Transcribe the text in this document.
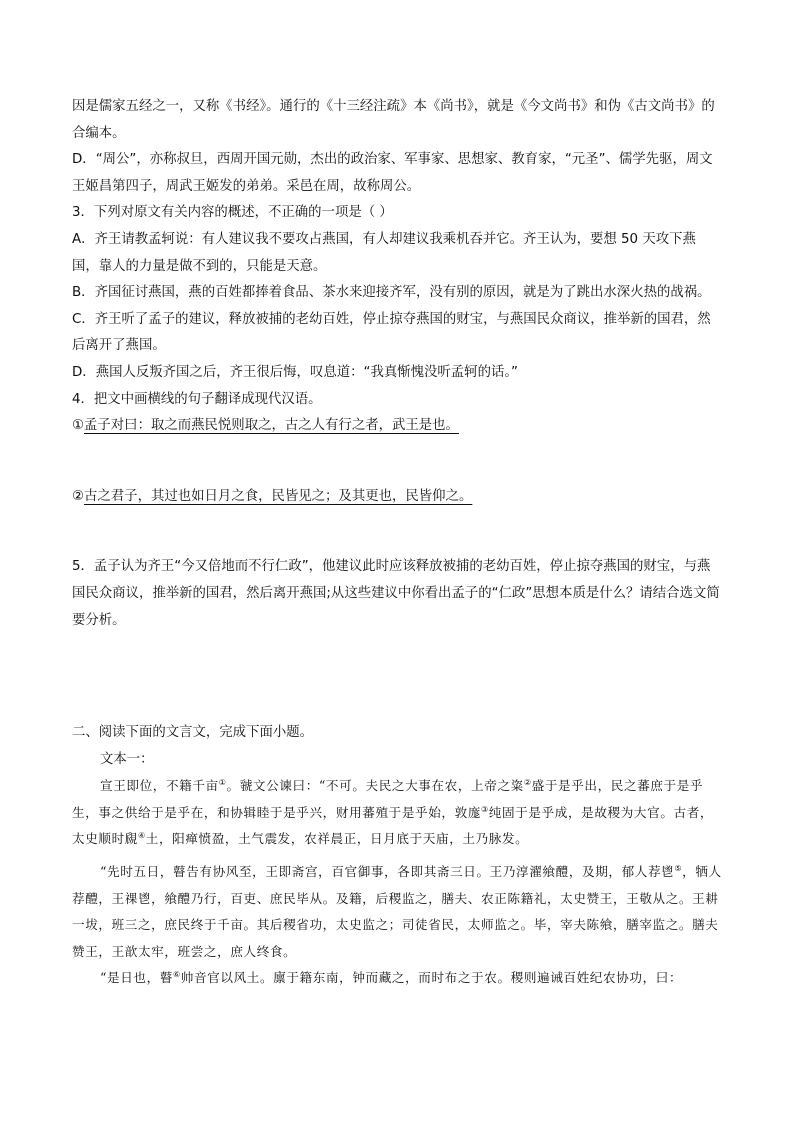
因是儒家五经之一，又称《书经》。通行的《十三经注疏》本《尚书》，就是《今文尚书》和伪《古文尚书》的合编本。

D．“周公”，亦称叔旦，西周开国元勋，杰出的政治家、军事家、思想家、教育家，“元圣”、儒学先驱，周文王姬昌第四子，周武王姬发的弟弟。采邑在周，故称周公。

3．下列对原文有关内容的概述，不正确的一项是（ ）

A．齐王请教孟轲说：有人建议我不要攻占燕国，有人却建议我乘机吞并它。齐王认为，要想 50 天攻下燕国，靠人的力量是做不到的，只能是天意。

B．齐国征讨燕国，燕的百姓都捧着食品、茶水来迎接齐军，没有别的原因，就是为了跳出水深火热的战祸。

C．齐王听了孟子的建议，释放被捕的老幼百姓，停止掠夺燕国的财宝，与燕国民众商议，推举新的国君，然后离开了燕国。

D．燕国人反叛齐国之后，齐王很后悔，叹息道：“我真惭愧没听孟轲的话。”

4．把文中画横线的句子翻译成现代汉语。

①孟子对曰：取之而燕民悦则取之，古之人有行之者，武王是也。

②古之君子，其过也如日月之食，民皆见之；及其更也，民皆仰之。

5．孟子认为齐王“今又倍地而不行仁政”，他建议此时应该释放被捕的老幼百姓，停止掠夺燕国的财宝，与燕国民众商议，推举新的国君，然后离开燕国;从这些建议中你看出孟子的“仁政”思想本质是什么？请结合选文简要分析。

二、阅读下面的文言文，完成下面小题。

文本一：

宣王即位，不籍千亩①。虢文公谏曰：“不可。夫民之大事在农，上帝之粢②盛于是乎出，民之蕃庶于是乎生，事之供给于是乎在，和协辑睦于是乎兴，财用蕃殖于是乎始，敦庬③纯固于是乎成，是故稷为大官。古者，太史顺时覛④土，阳瘅愤盈，土气震发，农祥晨正，日月底于天庙，土乃脉发。

“先时五日，瞽告有协风至，王即斋宫，百官御事，各即其斋三日。王乃淳濯飨醴，及期，郁人荐鬯⑤，牺人荐醴，王祼鬯，飨醴乃行，百吏、庶民毕从。及籍，后稷监之，膳夫、农正陈籍礼，太史赞王，王敬从之。王耕一坺，班三之，庶民终于千亩。其后稷省功，太史监之；司徒省民，太师监之。毕，宰夫陈飨，膳宰监之。膳夫赞王，王歆太牢，班尝之，庶人终食。

“是日也，瞽⑥帅音官以风土。廪于籍东南，钟而藏之，而时布之于农。稷则遍诫百姓纪农协功，曰：
